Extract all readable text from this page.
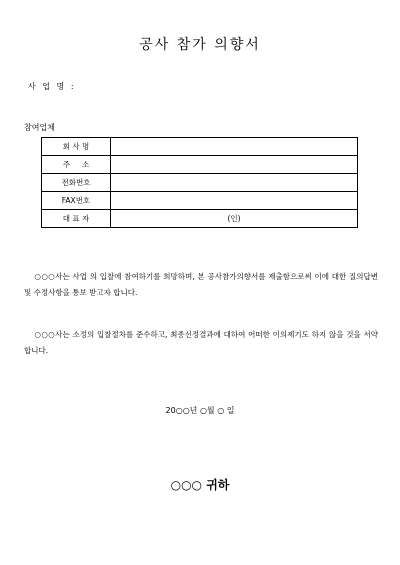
공사 참가 의향서
사 업 명 :
참여업체
회 사 명	
주     소	
전화번호	
FAX번호	
대 표 자	(인)
○○○사는 사업 의 입찰에 참여하기를 희망하며, 본 공사참가의향서를 제출함으로써 이에 대한 질의답변 및 수정사항을 통보 받고자 합니다.
○○○사는 소정의 입찰절차를 준수하고, 최종선정결과에 대하여 어떠한 이의제기도 하지 않을 것을 서약합니다.
20○○년 ○월 ○ 일
○○○ 귀하
